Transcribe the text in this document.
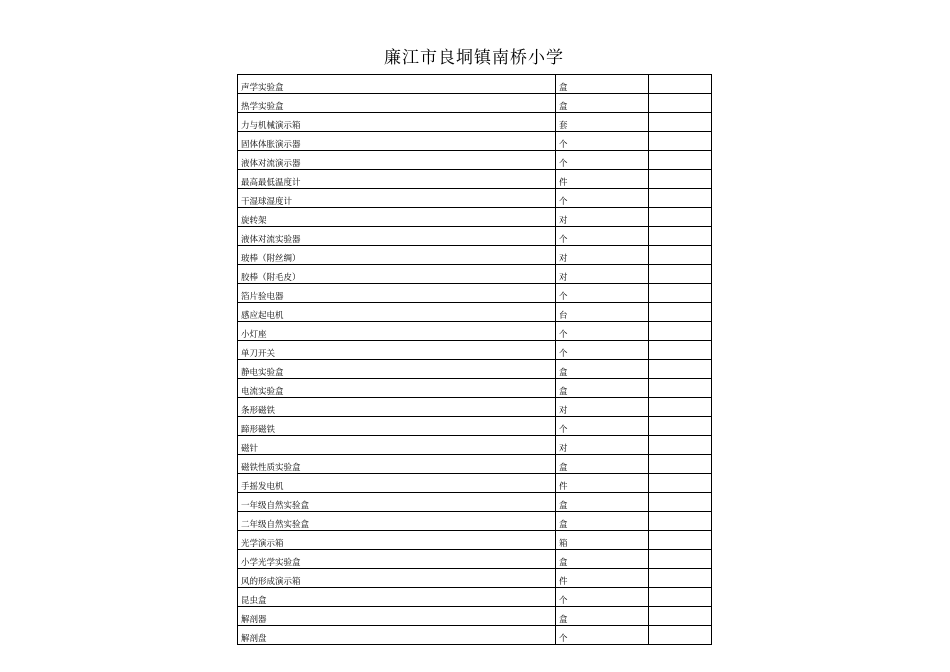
廉江市良垌镇南桥小学
声学实验盒	盒	
热学实验盒	盒	
力与机械演示箱	套	
固体体胀演示器	个	
液体对流演示器	个	
最高最低温度计	件	
干湿球湿度计	个	
旋转架	对	
液体对流实验器	个	
玻棒（附丝绸）	对	
胶棒（附毛皮）	对	
箔片验电器	个	
感应起电机	台	
小灯座	个	
单刀开关	个	
静电实验盒	盒	
电流实验盒	盒	
条形磁铁	对	
蹄形磁铁	个	
磁针	对	
磁铁性质实验盒	盒	
手摇发电机	件	
一年级自然实验盒	盒	
二年级自然实验盒	盒	
光学演示箱	箱	
小学光学实验盒	盒	
风的形成演示箱	件	
昆虫盒	个	
解剖器	盒	
解剖盘	个	
